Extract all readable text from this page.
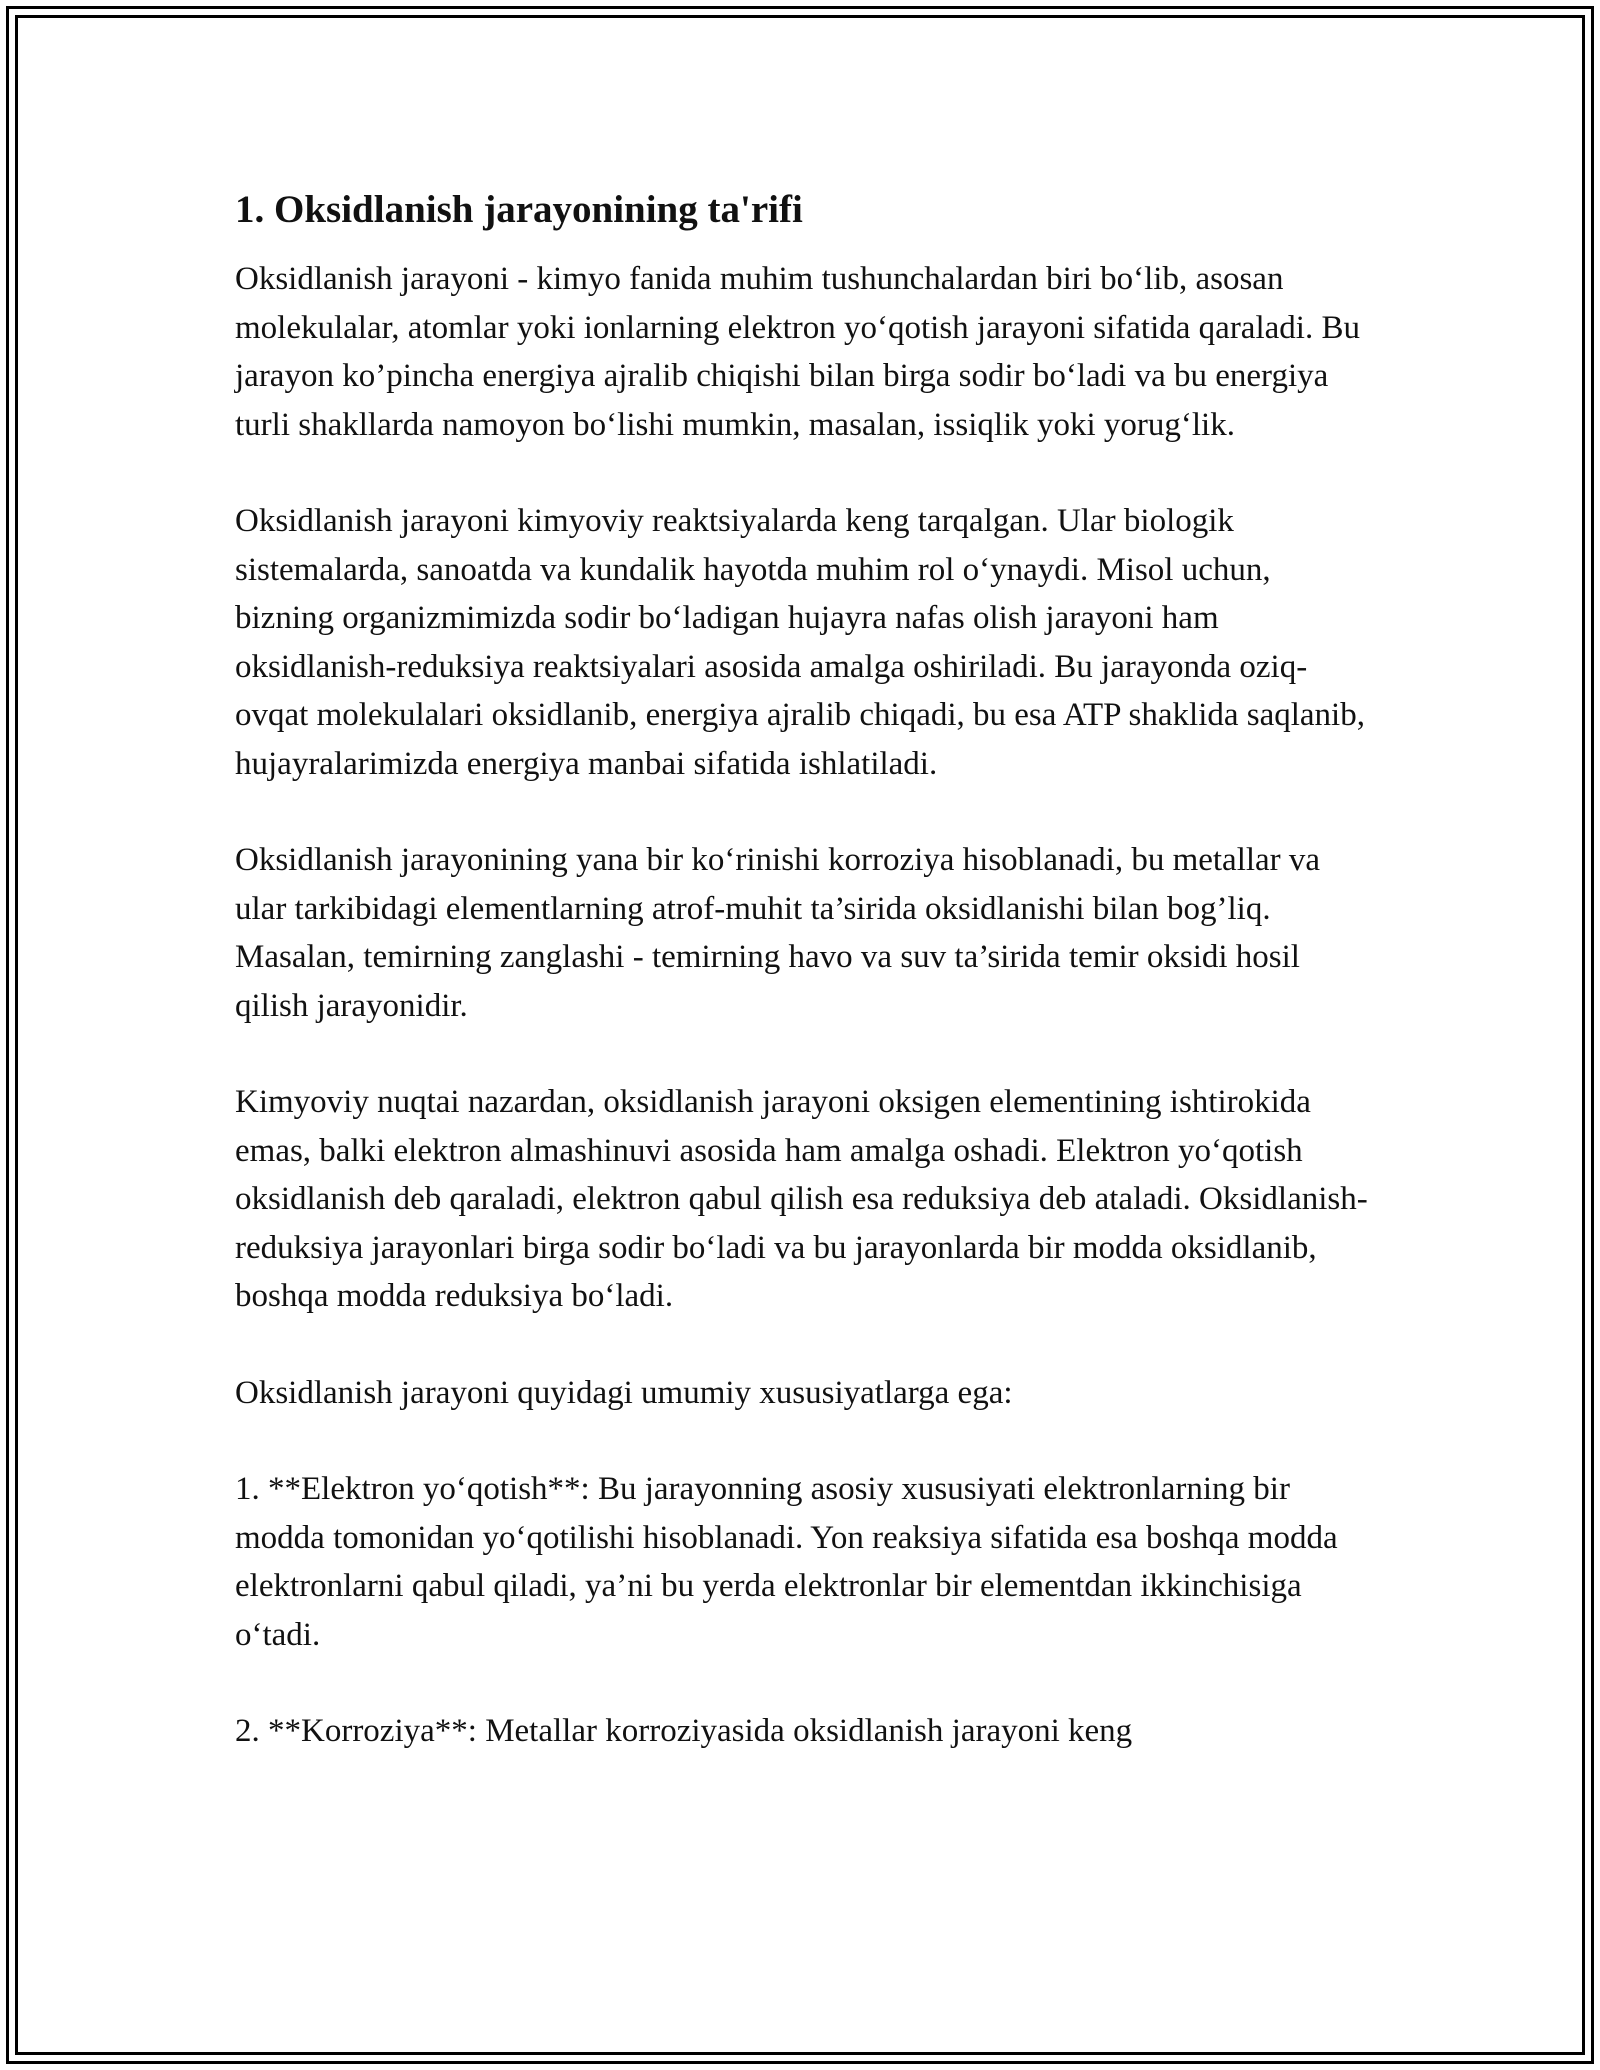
1. Oksidlanish jarayonining ta'rifi

Oksidlanish jarayoni - kimyo fanida muhim tushunchalardan biri bo‘lib, asosan molekulalar, atomlar yoki ionlarning elektron yo‘qotish jarayoni sifatida qaraladi. Bu jarayon ko’pincha energiya ajralib chiqishi bilan birga sodir bo‘ladi va bu energiya turli shakllarda namoyon bo‘lishi mumkin, masalan, issiqlik yoki yorug‘lik.

Oksidlanish jarayoni kimyoviy reaktsiyalarda keng tarqalgan. Ular biologik sistemalarda, sanoatda va kundalik hayotda muhim rol o‘ynaydi. Misol uchun, bizning organizmimizda sodir bo‘ladigan hujayra nafas olish jarayoni ham oksidlanish-reduksiya reaktsiyalari asosida amalga oshiriladi. Bu jarayonda oziq-ovqat molekulalari oksidlanib, energiya ajralib chiqadi, bu esa ATP shaklida saqlanib, hujayralarimizda energiya manbai sifatida ishlatiladi.

Oksidlanish jarayonining yana bir ko‘rinishi korroziya hisoblanadi, bu metallar va ular tarkibidagi elementlarning atrof-muhit ta’sirida oksidlanishi bilan bog’liq. Masalan, temirning zanglashi - temirning havo va suv ta’sirida temir oksidi hosil qilish jarayonidir.

Kimyoviy nuqtai nazardan, oksidlanish jarayoni oksigen elementining ishtirokida emas, balki elektron almashinuvi asosida ham amalga oshadi. Elektron yo‘qotish oksidlanish deb qaraladi, elektron qabul qilish esa reduksiya deb ataladi. Oksidlanish-reduksiya jarayonlari birga sodir bo‘ladi va bu jarayonlarda bir modda oksidlanib, boshqa modda reduksiya bo‘ladi.

Oksidlanish jarayoni quyidagi umumiy xususiyatlarga ega:

1. **Elektron yo‘qotish**: Bu jarayonning asosiy xususiyati elektronlarning bir modda tomonidan yo‘qotilishi hisoblanadi. Yon reaksiya sifatida esa boshqa modda elektronlarni qabul qiladi, ya’ni bu yerda elektronlar bir elementdan ikkinchisiga o‘tadi.

2. **Korroziya**: Metallar korroziyasida oksidlanish jarayoni keng
